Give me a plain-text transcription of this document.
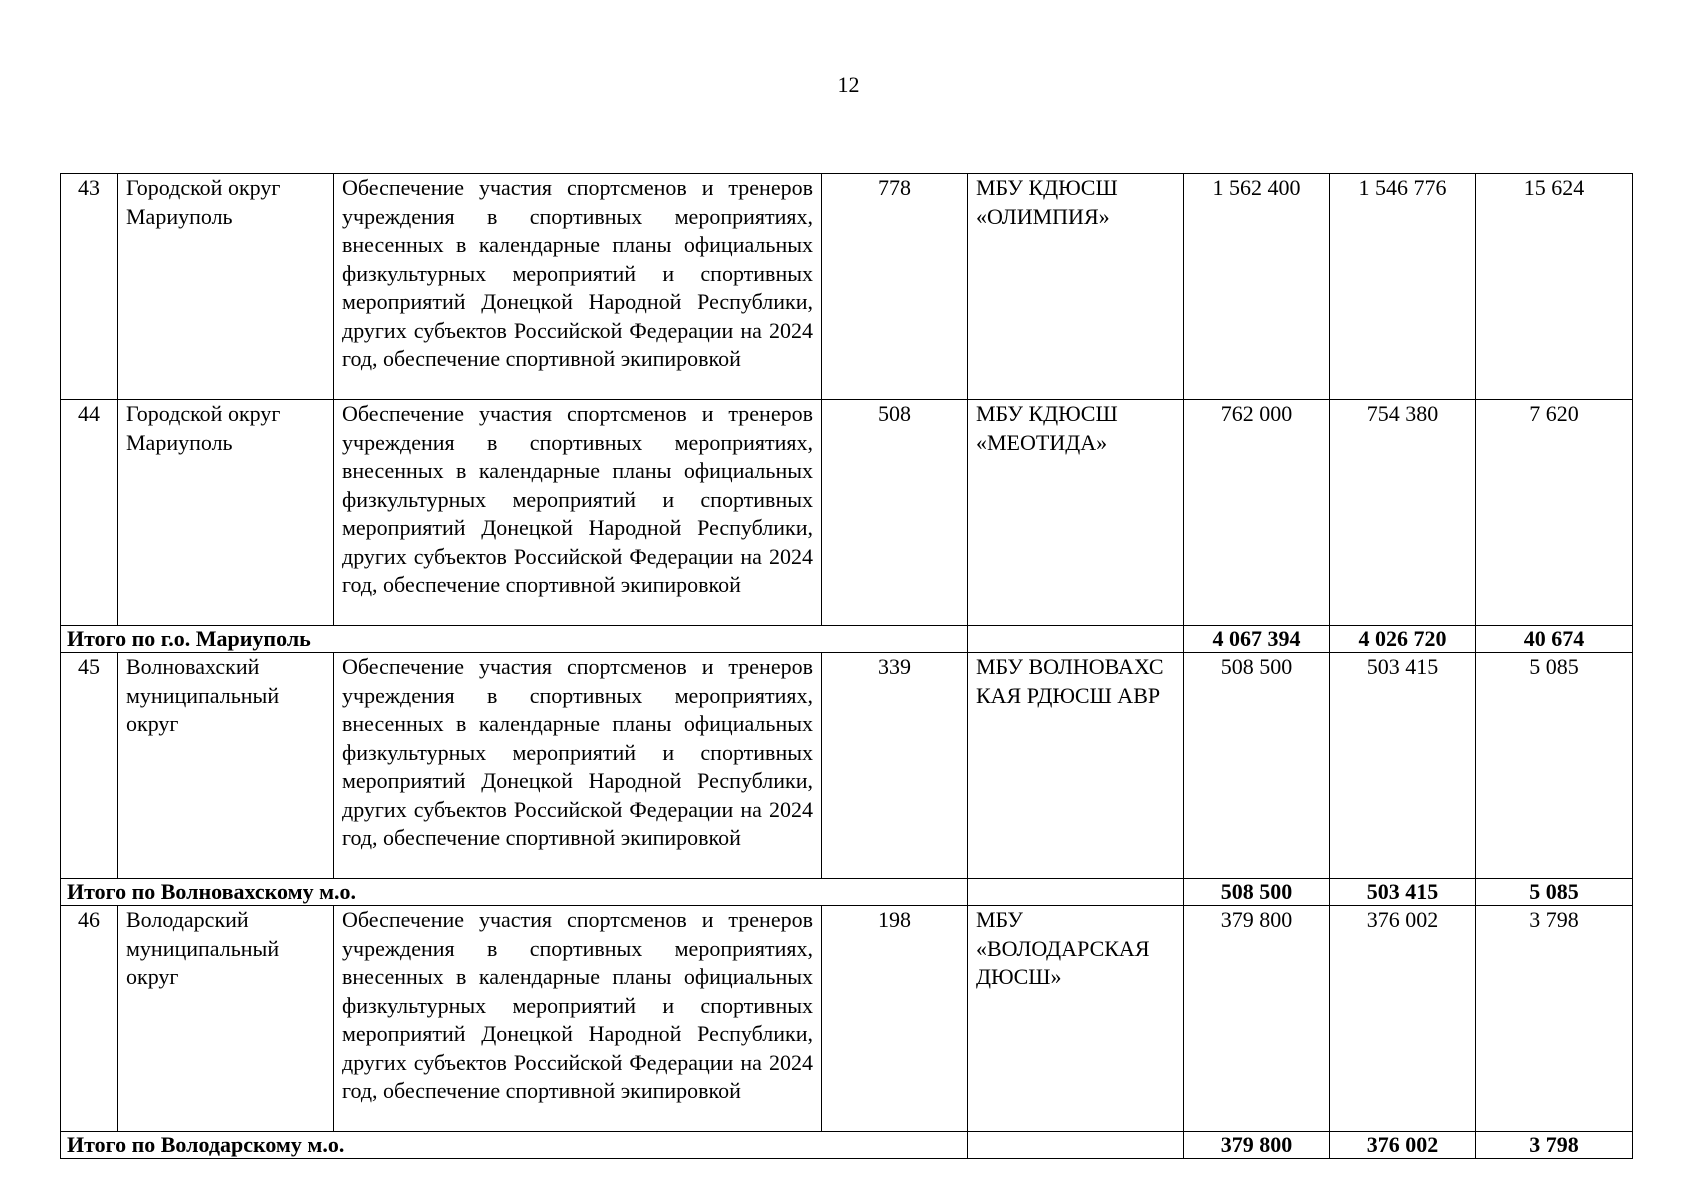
12
43	Городской округ Мариуполь	Обеспечение участия спортсменов и тренеров учреждения в спортивных мероприятиях, внесенных в календарные планы официальных физкультурных мероприятий и спортивных мероприятий Донецкой Народной Республики, других субъектов Российской Федерации на 2024 год, обеспечение спортивной экипировкой	778	МБУ КДЮСШ «ОЛИМПИЯ»	1 562 400	1 546 776	15 624
44	Городской округ Мариуполь	Обеспечение участия спортсменов и тренеров учреждения в спортивных мероприятиях, внесенных в календарные планы официальных физкультурных мероприятий и спортивных мероприятий Донецкой Народной Республики, других субъектов Российской Федерации на 2024 год, обеспечение спортивной экипировкой	508	МБУ КДЮСШ «МЕОТИДА»	762 000	754 380	7 620
Итого по г.о. Мариуполь					4 067 394	4 026 720	40 674
45	Волновахский муниципальный округ	Обеспечение участия спортсменов и тренеров учреждения в спортивных мероприятиях, внесенных в календарные планы официальных физкультурных мероприятий и спортивных мероприятий Донецкой Народной Республики, других субъектов Российской Федерации на 2024 год, обеспечение спортивной экипировкой	339	МБУ ВОЛНОВАХС КАЯ РДЮСШ АВР	508 500	503 415	5 085
Итого по Волновахскому м.о.					508 500	503 415	5 085
46	Володарский муниципальный округ	Обеспечение участия спортсменов и тренеров учреждения в спортивных мероприятиях, внесенных в календарные планы официальных физкультурных мероприятий и спортивных мероприятий Донецкой Народной Республики, других субъектов Российской Федерации на 2024 год, обеспечение спортивной экипировкой	198	МБУ «ВОЛОДАРСКАЯ ДЮСШ»	379 800	376 002	3 798
Итого по Володарскому м.о.					379 800	376 002	3 798
